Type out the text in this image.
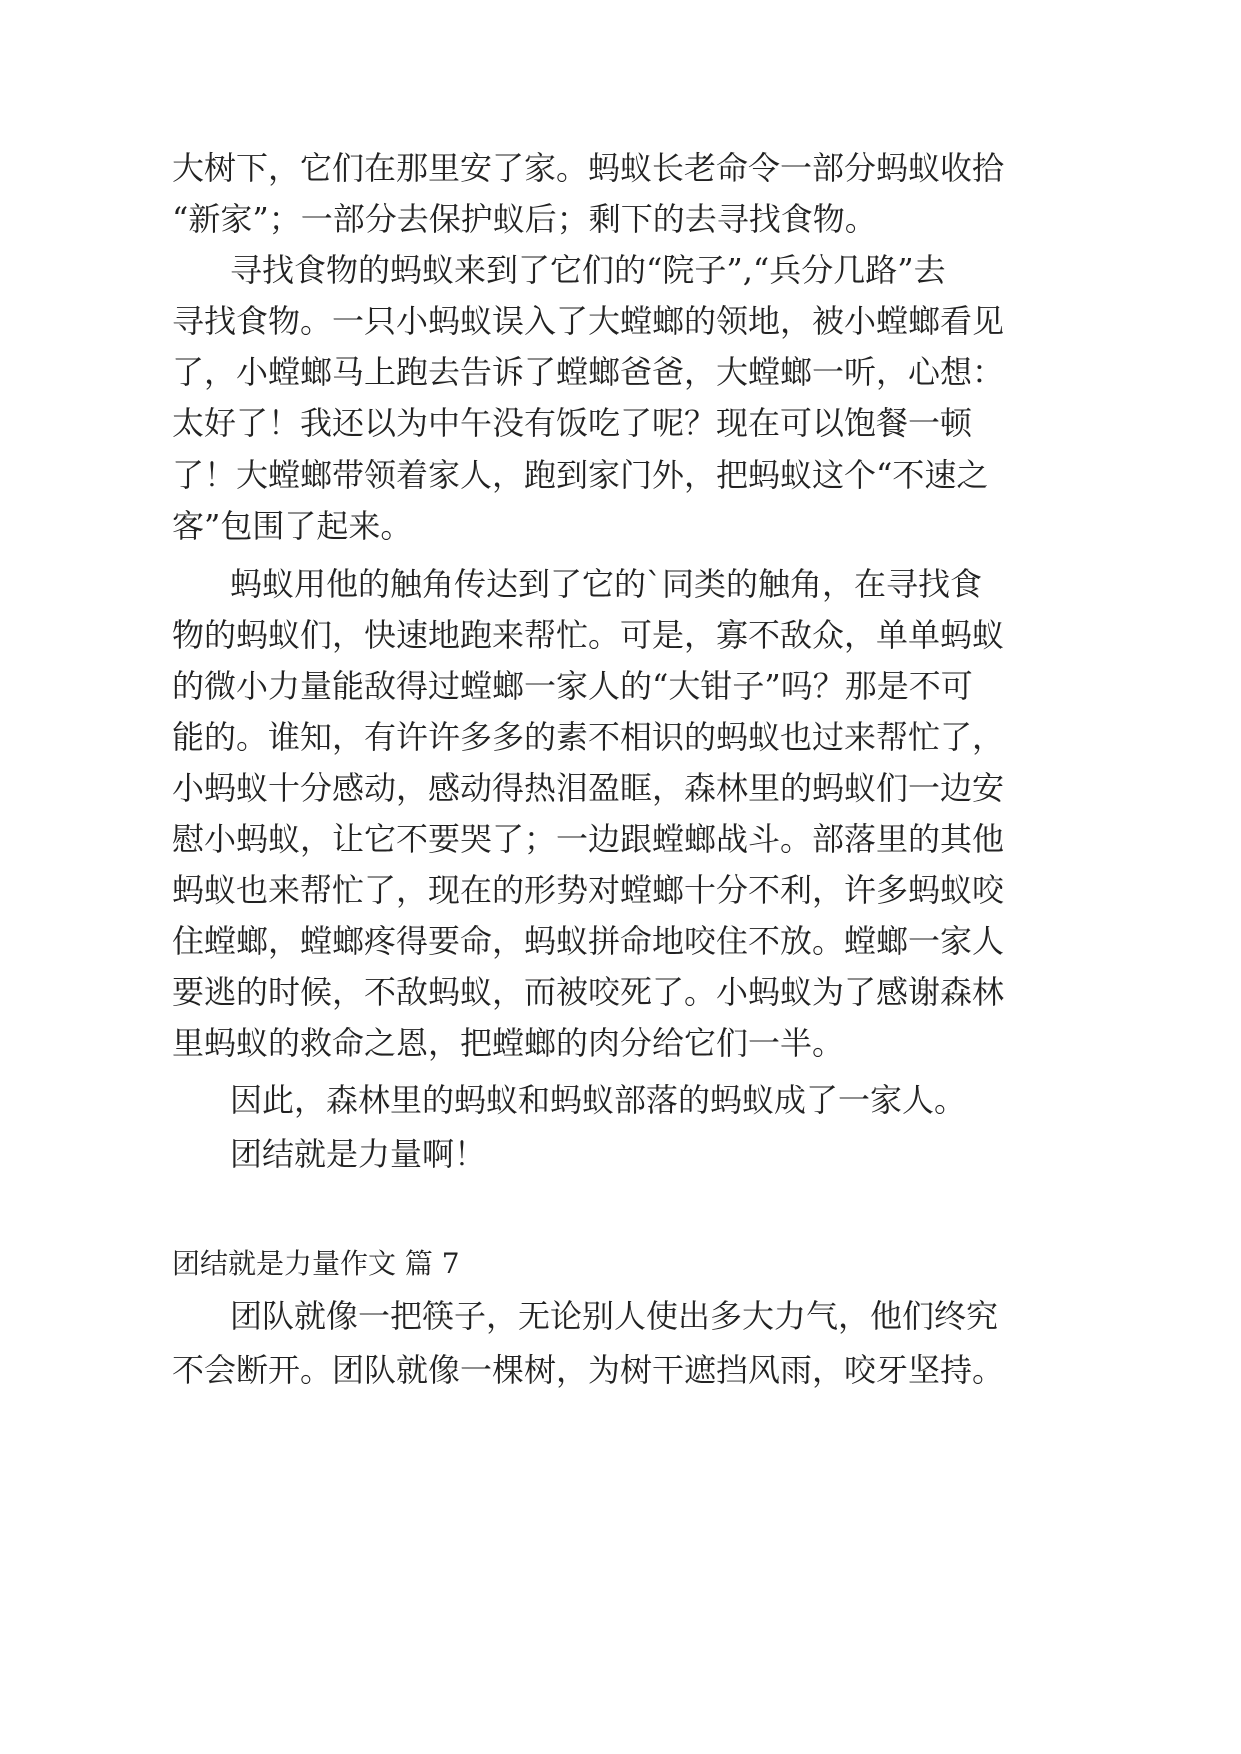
大树下，它们在那里安了家。蚂蚁长老命令一部分蚂蚁收拾
“新家”；一部分去保护蚁后；剩下的去寻找食物。
寻找食物的蚂蚁来到了它们的“院子”,“兵分几路”去
寻找食物。一只小蚂蚁误入了大螳螂的领地，被小螳螂看见
了，小螳螂马上跑去告诉了螳螂爸爸，大螳螂一听，心想：
太好了！我还以为中午没有饭吃了呢？现在可以饱餐一顿
了！大螳螂带领着家人，跑到家门外，把蚂蚁这个“不速之
客”包围了起来。
蚂蚁用他的触角传达到了它的`同类的触角，在寻找食
物的蚂蚁们，快速地跑来帮忙。可是，寡不敌众，单单蚂蚁
的微小力量能敌得过螳螂一家人的“大钳子”吗？那是不可
能的。谁知，有许许多多的素不相识的蚂蚁也过来帮忙了，
小蚂蚁十分感动，感动得热泪盈眶，森林里的蚂蚁们一边安
慰小蚂蚁，让它不要哭了；一边跟螳螂战斗。部落里的其他
蚂蚁也来帮忙了，现在的形势对螳螂十分不利，许多蚂蚁咬
住螳螂，螳螂疼得要命，蚂蚁拼命地咬住不放。螳螂一家人
要逃的时候，不敌蚂蚁，而被咬死了。小蚂蚁为了感谢森林
里蚂蚁的救命之恩，把螳螂的肉分给它们一半。
因此，森林里的蚂蚁和蚂蚁部落的蚂蚁成了一家人。
团结就是力量啊！
团结就是力量作文 篇 7
团队就像一把筷子，无论别人使出多大力气，他们终究
不会断开。团队就像一棵树，为树干遮挡风雨，咬牙坚持。
